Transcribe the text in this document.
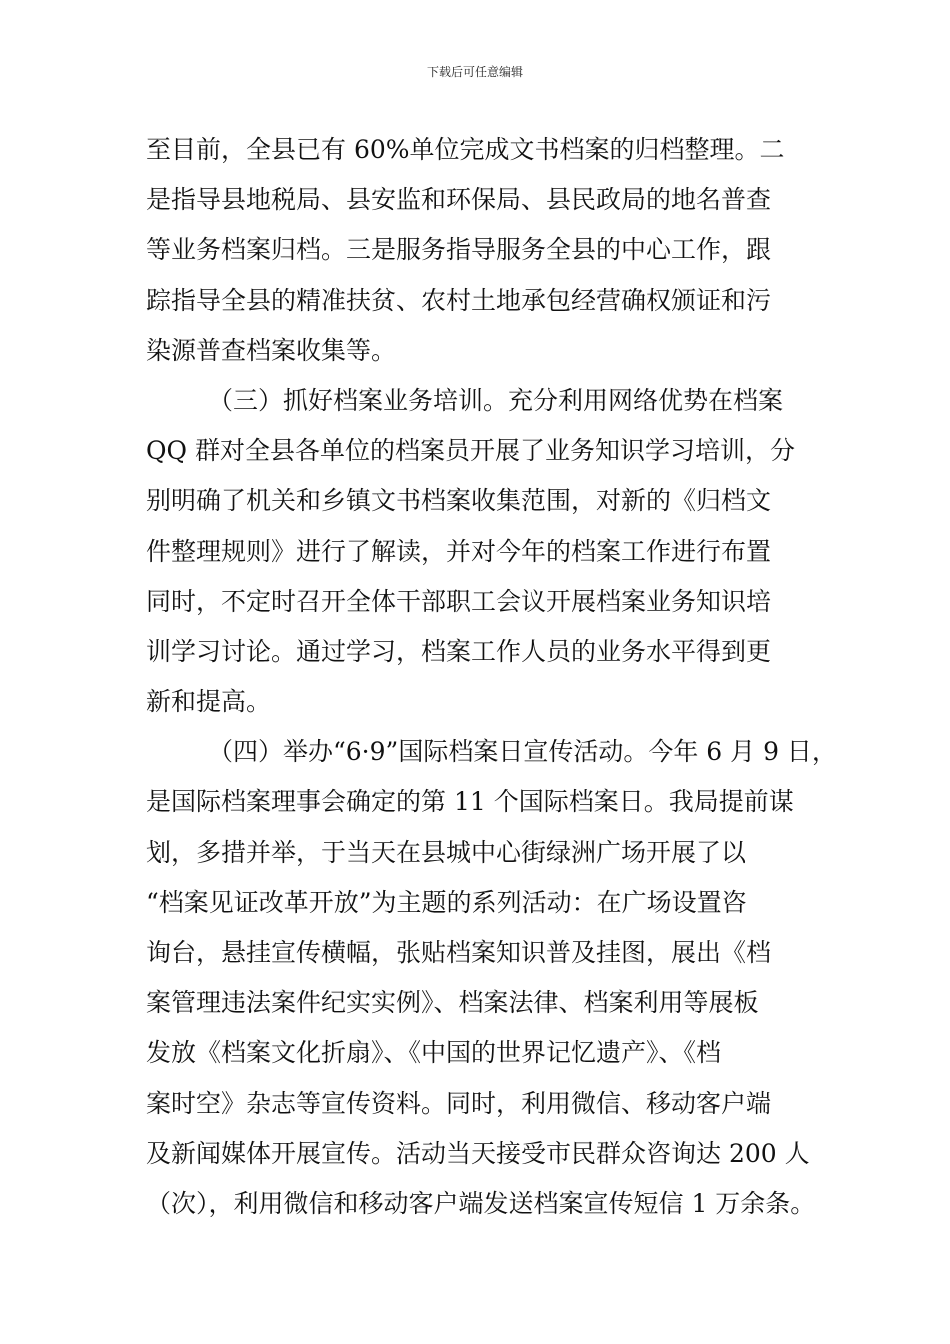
下载后可任意编辑
至目前，全县已有 60%单位完成文书档案的归档整理。二
是指导县地税局、县安监和环保局、县民政局的地名普查
等业务档案归档。三是服务指导服务全县的中心工作，跟
踪指导全县的精准扶贫、农村土地承包经营确权颁证和污
染源普查档案收集等。
（三）抓好档案业务培训。充分利用网络优势在档案
QQ 群对全县各单位的档案员开展了业务知识学习培训，分
别明确了机关和乡镇文书档案收集范围，对新的《归档文
件整理规则》进行了解读，并对今年的档案工作进行布置
同时，不定时召开全体干部职工会议开展档案业务知识培
训学习讨论。通过学习，档案工作人员的业务水平得到更
新和提高。
（四）举办“6·9”国际档案日宣传活动。今年 6 月 9 日，
是国际档案理事会确定的第 11 个国际档案日。我局提前谋
划，多措并举，于当天在县城中心街绿洲广场开展了以
“档案见证改革开放”为主题的系列活动：在广场设置咨
询台，悬挂宣传横幅，张贴档案知识普及挂图，展出《档
案管理违法案件纪实实例》、档案法律、档案利用等展板
发放《档案文化折扇》、《中国的世界记忆遗产》、《档
案时空》杂志等宣传资料。同时，利用微信、移动客户端
及新闻媒体开展宣传。活动当天接受市民群众咨询达 200 人
（次），利用微信和移动客户端发送档案宣传短信 1 万余条。
